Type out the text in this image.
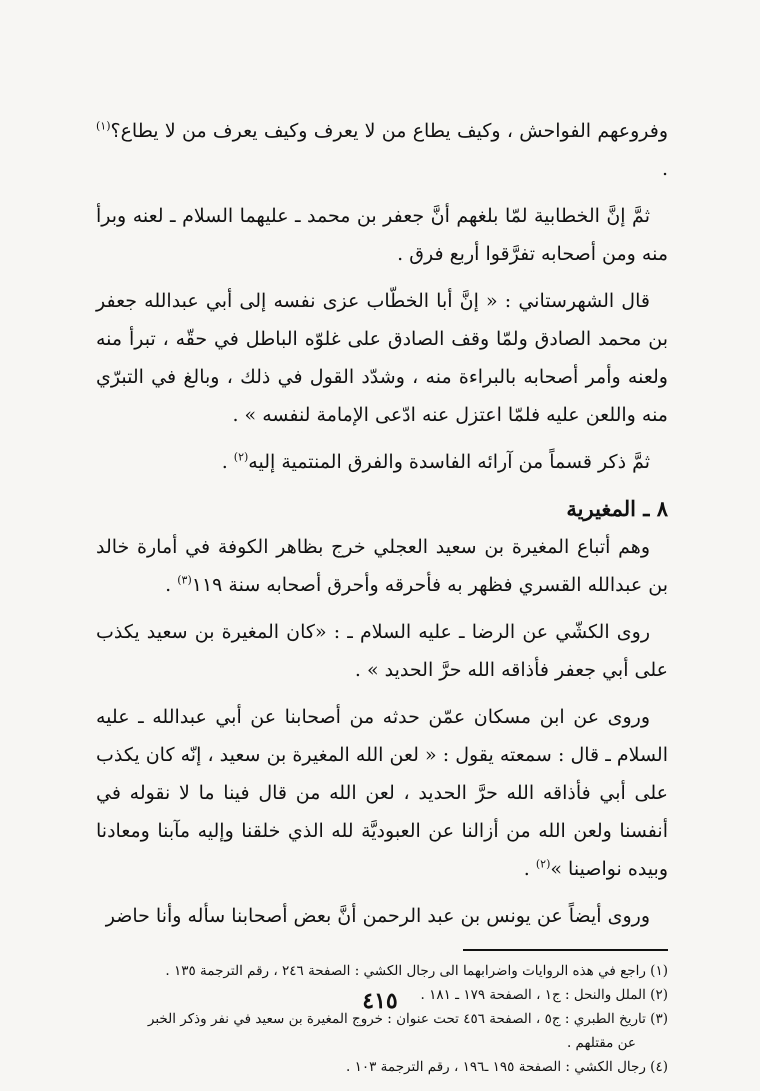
وفروعهم الفواحش ، وكيف يطاع من لا يعرف وكيف يعرف من لا يطاع؟$^{(١)}$ .

ثمَّ إنَّ الخطابية لمّا بلغهم أنَّ جعفر بن محمد ـ عليهما السلام ـ لعنه وبرأ منه ومن أصحابه تفرَّقوا أربع فرق .

قال الشهرستاني : « إنَّ أبا الخطّاب عزى نفسه إلى أبي عبدالله جعفر بن محمد الصادق ولمّا وقف الصادق على غلوّه الباطل في حقّه ، تبرأ منه ولعنه وأمر أصحابه بالبراءة منه ، وشدّد القول في ذلك ، وبالغ في التبرّي منه واللعن عليه فلمّا اعتزل عنه ادّعى الإمامة لنفسه » .

ثمَّ ذكر قسماً من آرائه الفاسدة والفرق المنتمية إليه$^{(٢)}$ .

٨ ـ المغيرية

وهم أتباع المغيرة بن سعيد العجلي خرج بظاهر الكوفة في أمارة خالد بن عبدالله القسري فظهر به فأحرقه وأحرق أصحابه سنة ١١٩$^{(٣)}$ .

روى الكشّي عن الرضا ـ عليه السلام ـ : «كان المغيرة بن سعيد يكذب على أبي جعفر فأذاقه الله حرَّ الحديد » .

وروى عن ابن مسكان عمّن حدثه من أصحابنا عن أبي عبدالله ـ عليه السلام ـ قال : سمعته يقول : « لعن الله المغيرة بن سعيد ، إنّه كان يكذب على أبي فأذاقه الله حرَّ الحديد ، لعن الله من قال فينا ما لا نقوله في أنفسنا ولعن الله من أزالنا عن العبوديَّة لله الذي خلقنا وإليه مآبنا ومعادنا وبيده نواصينا »$^{(٢)}$ .

وروى أيضاً عن يونس بن عبد الرحمن أنَّ بعض أصحابنا سأله وأنا حاضر

(١) راجع في هذه الروايات واضرابهما الى رجال الكشي : الصفحة ٢٤٦ ، رقم الترجمة ١٣٥ .

(٢) الملل والنحل : ج١ ، الصفحة ١٧٩ ـ ١٨١ .

(٣) تاريخ الطبري : ج٥ ، الصفحة ٤٥٦ تحت عنوان : خروج المغيرة بن سعيد في نفر وذكر الخبر
عن مقتلهم .

(٤) رجال الكشي : الصفحة ١٩٥ ـ١٩٦ ، رقم الترجمة ١٠٣ .

٤١٥
